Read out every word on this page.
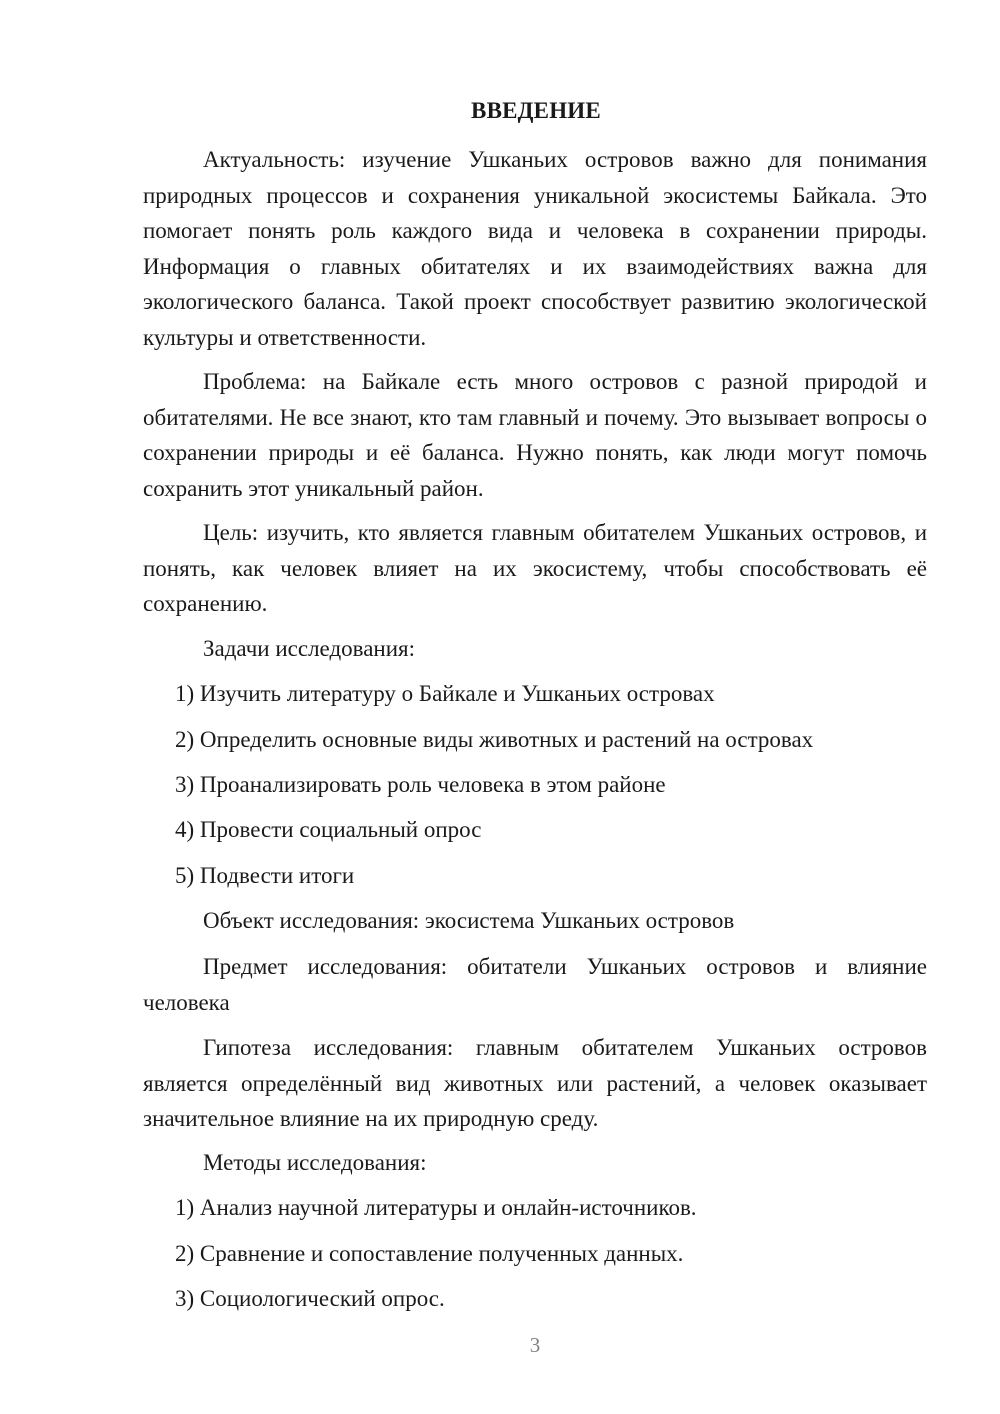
ВВЕДЕНИЕ

Актуальность: изучение Ушканьих островов важно для понимания природных процессов и сохранения уникальной экосистемы Байкала. Это помогает понять роль каждого вида и человека в сохранении природы. Информация о главных обитателях и их взаимодействиях важна для экологического баланса. Такой проект способствует развитию экологической культуры и ответственности.

Проблема: на Байкале есть много островов с разной природой и обитателями. Не все знают, кто там главный и почему. Это вызывает вопросы о сохранении природы и её баланса. Нужно понять, как люди могут помочь сохранить этот уникальный район.

Цель: изучить, кто является главным обитателем Ушканьих островов, и понять, как человек влияет на их экосистему, чтобы способствовать её сохранению.

Задачи исследования:
1) Изучить литературу о Байкале и Ушканьих островах
2) Определить основные виды животных и растений на островах
3) Проанализировать роль человека в этом районе
4) Провести социальный опрос
5) Подвести итоги
Объект исследования: экосистема Ушканьих островов

Предмет исследования: обитатели Ушканьих островов и влияние человека

Гипотеза исследования: главным обитателем Ушканьих островов является определённый вид животных или растений, а человек оказывает значительное влияние на их природную среду.

Методы исследования:
1) Анализ научной литературы и онлайн-источников.
2) Сравнение и сопоставление полученных данных.
3) Социологический опрос.
3
